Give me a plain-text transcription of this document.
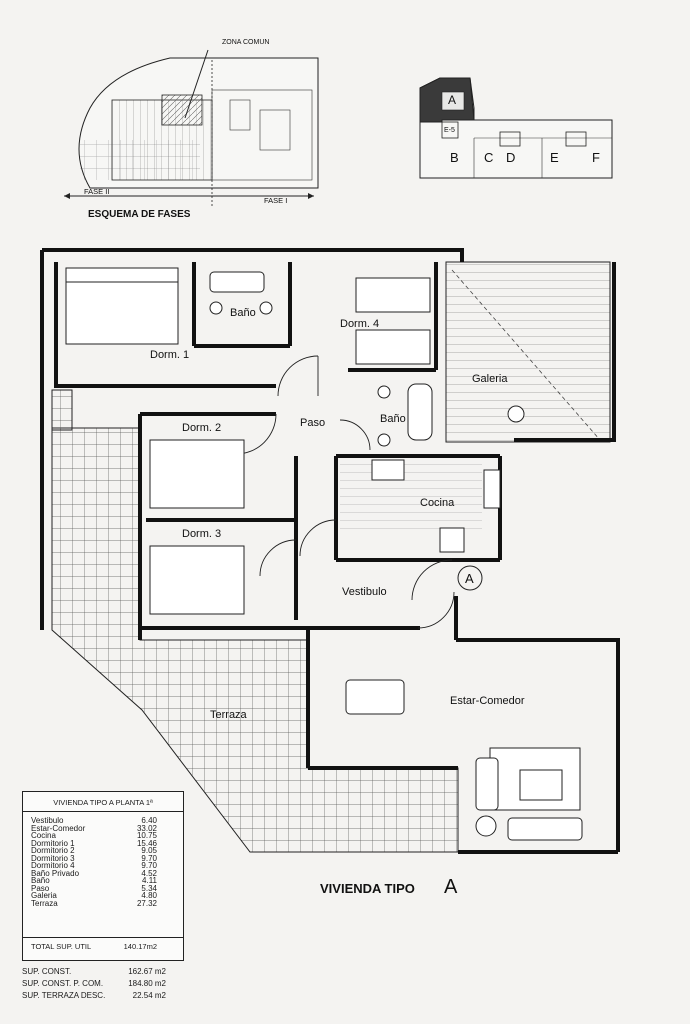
ZONA COMUN
FASE II
FASE I
ESQUEMA DE FASES
A
E-5
B C D	E	F
Dorm. 1
Baño
Dorm. 4
Galeria
Dorm. 2	Paso	Baño
Cocina
Dorm. 3
Vestibulo
A
Terraza
Estar-Comedor
VIVIENDA TIPO A
VIVIENDA TIPO A PLANTA 1ª
Vestibulo	6.40
Estar-Comedor	33.02
Cocina	10.75
Dormitorio 1	15.46
Dormitorio 2	9.05
Dormitorio 3	9.70
Dormitorio 4	9.70
Baño Privado	4.52
Baño	4.11
Paso	5.34
Galeria	4.80
Terraza	27.32
TOTAL SUP. UTIL	140.17m2
SUP. CONST.	162.67 m2
SUP. CONST. P. COM.	184.80 m2
SUP. TERRAZA DESC.	22.54 m2
